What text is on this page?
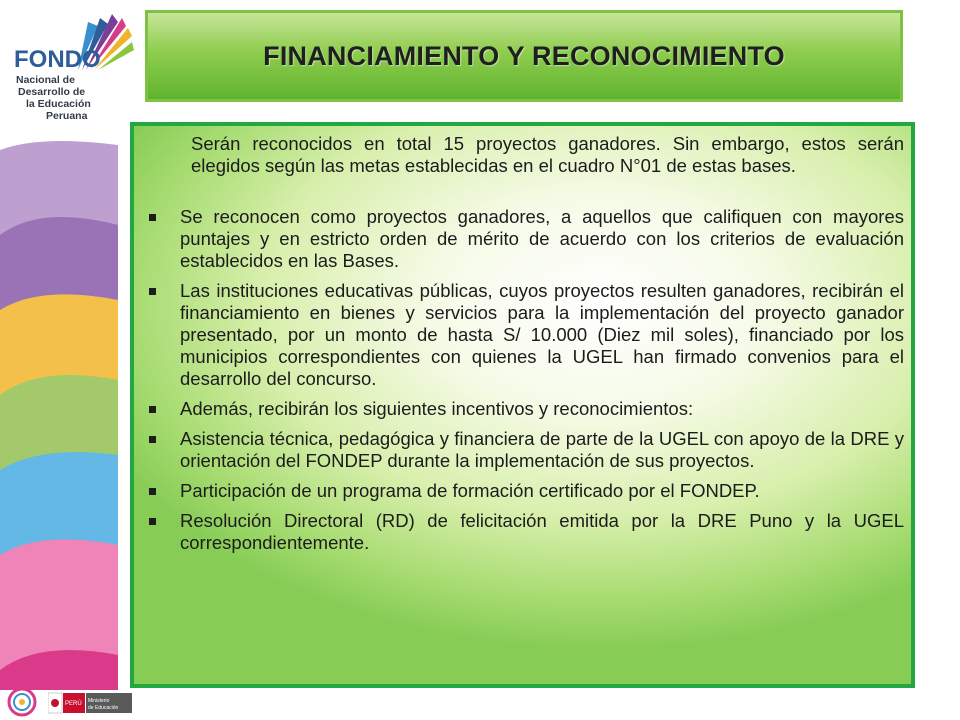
FONDO
Nacional de
Desarrollo de
la Educación
Peruana
FINANCIAMIENTO Y RECONOCIMIENTO
Serán reconocidos en total 15 proyectos ganadores. Sin embargo, estos serán elegidos según las metas establecidas en el cuadro N°01 de estas bases.
Se reconocen como proyectos ganadores, a aquellos que califiquen con mayores puntajes y en estricto orden de mérito de acuerdo con los criterios de evaluación establecidos en las Bases.
Las instituciones educativas públicas, cuyos proyectos resulten ganadores, recibirán el financiamiento en bienes y servicios para la implementación del proyecto ganador presentado, por un monto de hasta S/ 10.000 (Diez mil soles), financiado por los municipios correspondientes con quienes la UGEL han firmado convenios para el desarrollo del concurso.
Además, recibirán los siguientes incentivos y reconocimientos:
Asistencia técnica, pedagógica y financiera de parte de la UGEL con apoyo de la DRE y orientación del FONDEP durante la implementación de sus proyectos.
Participación de un programa de formación certificado por el FONDEP.
Resolución Directoral (RD) de felicitación emitida por la DRE Puno y la UGEL correspondientemente.
PERÚ Ministerio
de Educación
